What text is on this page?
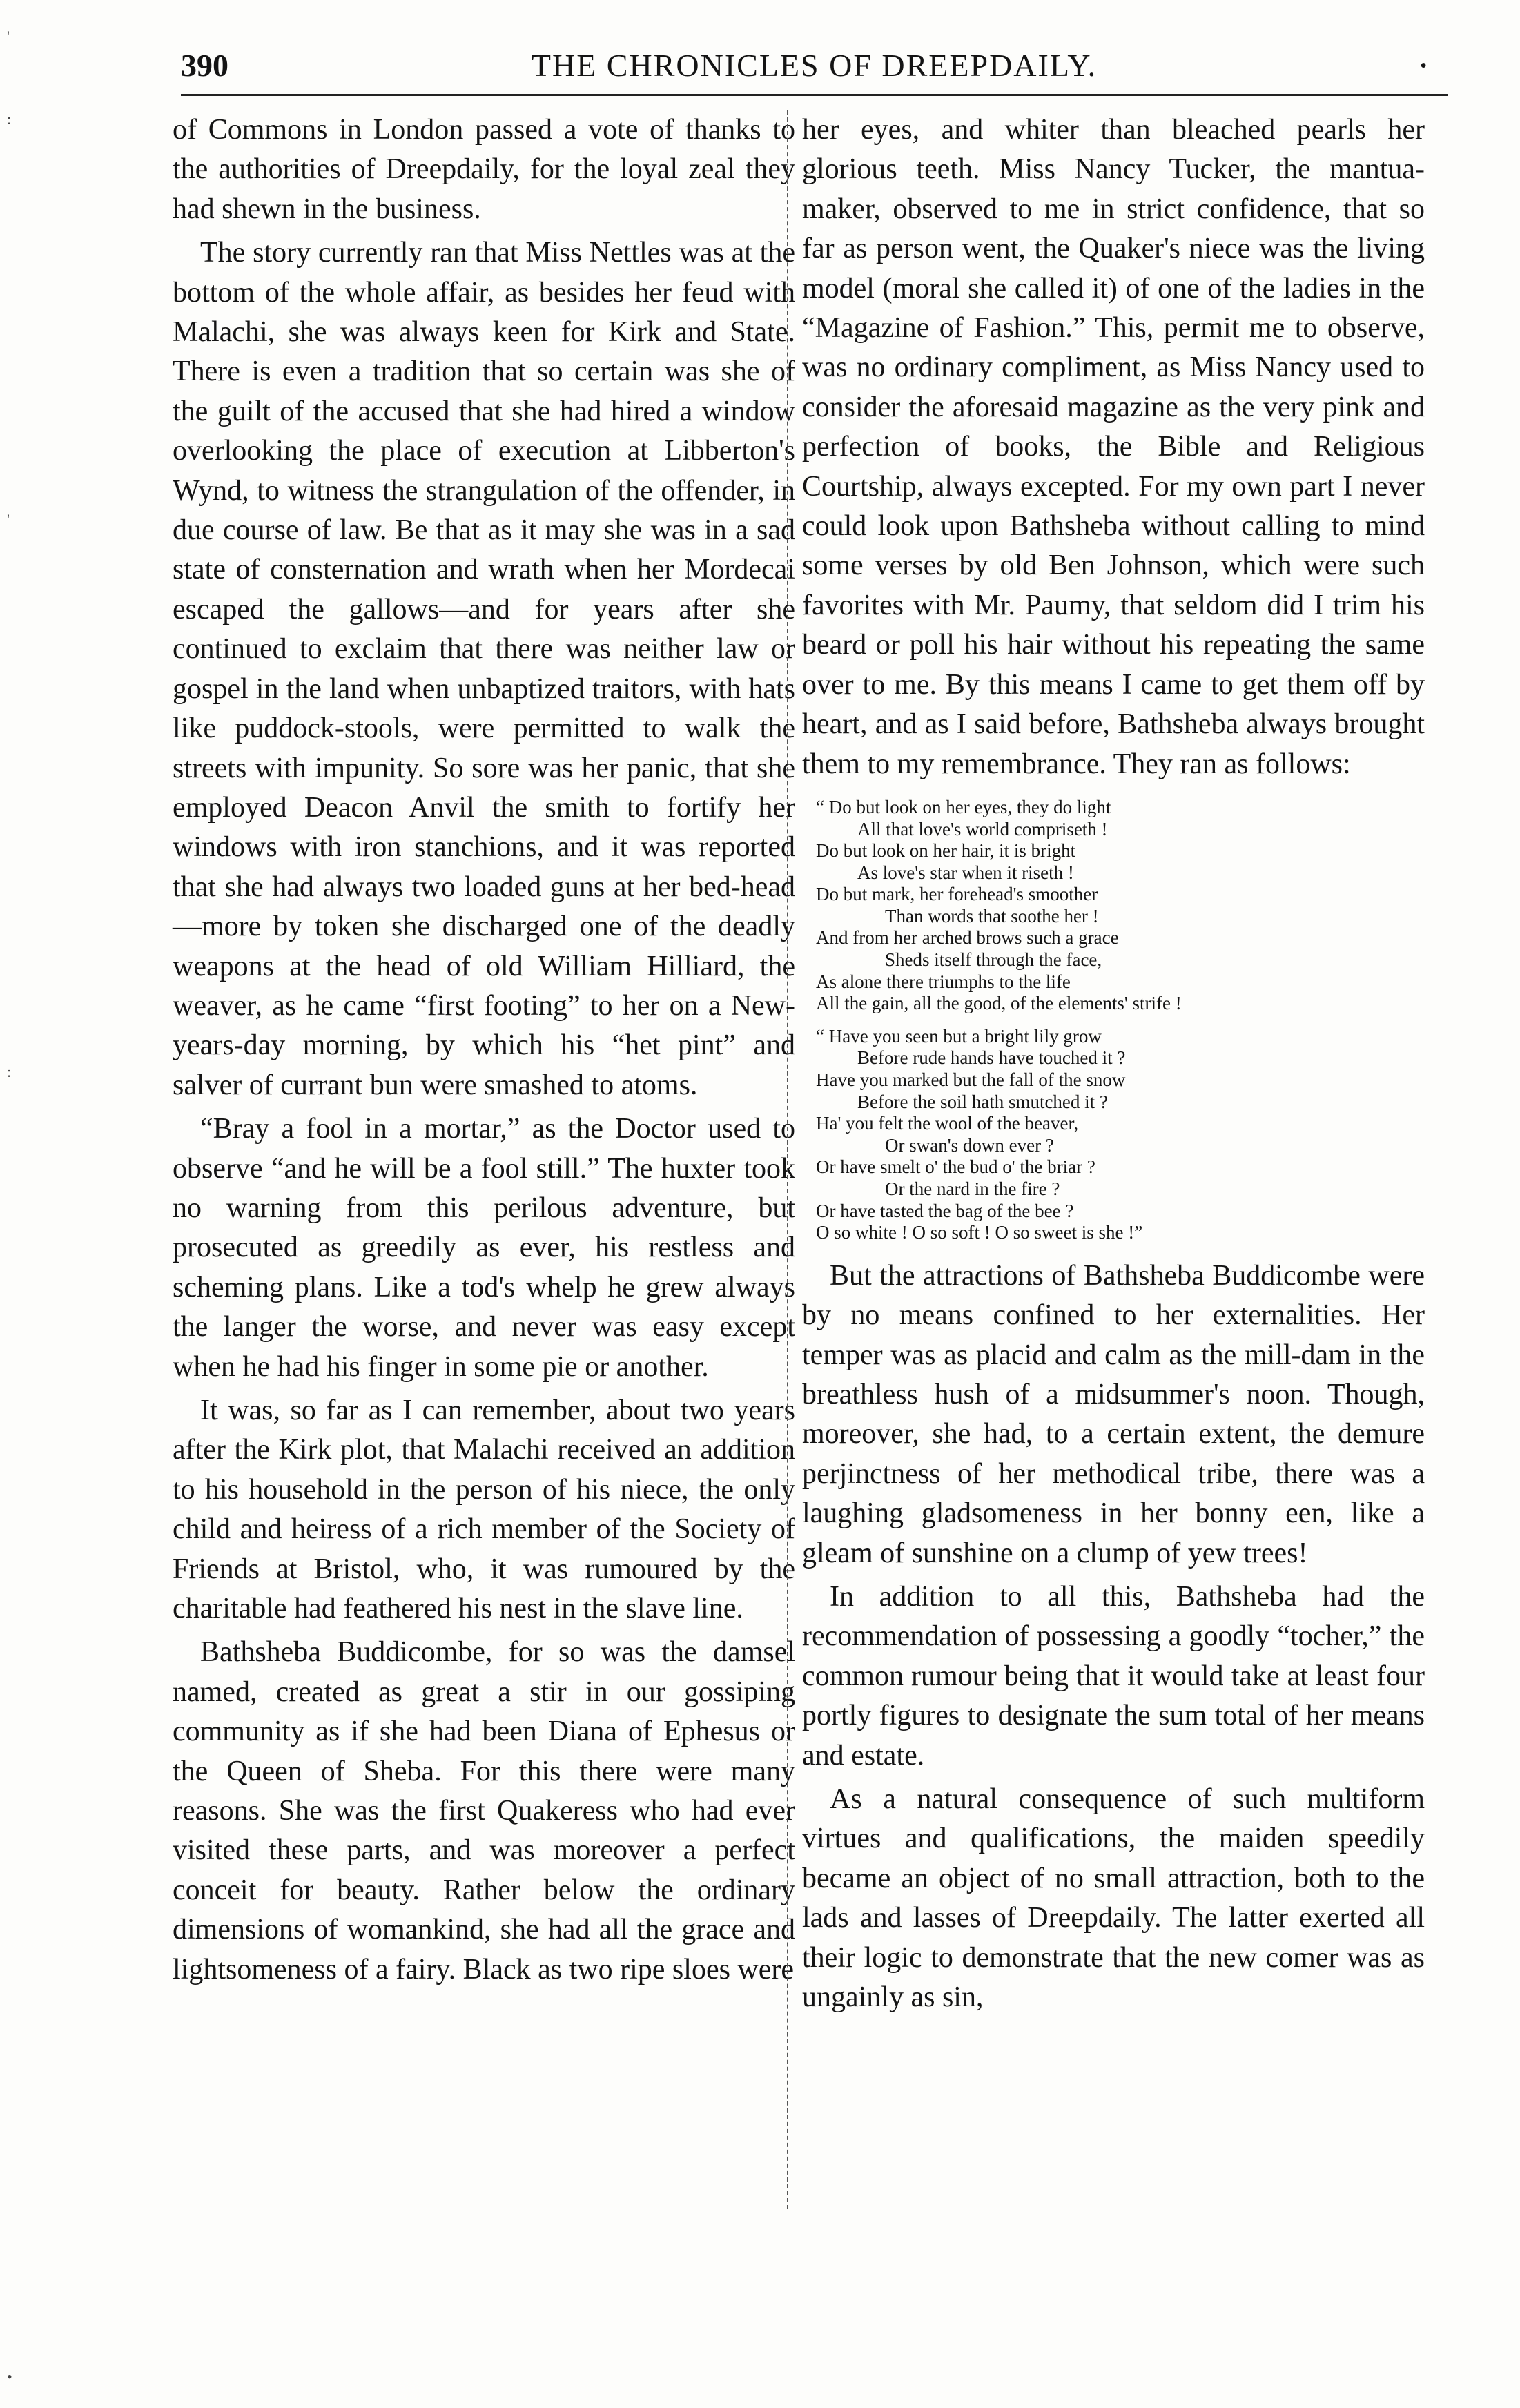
'
:
'
:
•
390	THE CHRONICLES OF DREEPDAILY.	•

of Commons in London passed a vote of thanks to the authorities of Dreepdaily, for the loyal zeal they had shewn in the business.

The story currently ran that Miss Nettles was at the bottom of the whole affair, as besides her feud with Malachi, she was always keen for Kirk and State. There is even a tradition that so certain was she of the guilt of the accused that she had hired a window overlooking the place of execution at Libberton's Wynd, to witness the strangulation of the offender, in due course of law. Be that as it may she was in a sad state of consternation and wrath when her Mordecai escaped the gallows—and for years after she continued to exclaim that there was neither law or gospel in the land when unbaptized traitors, with hats like puddock-stools, were permitted to walk the streets with impunity. So sore was her panic, that she employed Deacon Anvil the smith to fortify her windows with iron stanchions, and it was reported that she had always two loaded guns at her bed-head—more by token she discharged one of the deadly weapons at the head of old William Hilliard, the weaver, as he came “first footing” to her on a New-years-day morning, by which his “het pint” and salver of currant bun were smashed to atoms.

“Bray a fool in a mortar,” as the Doctor used to observe “and he will be a fool still.” The huxter took no warning from this perilous adventure, but prosecuted as greedily as ever, his restless and scheming plans. Like a tod's whelp he grew always the langer the worse, and never was easy except when he had his finger in some pie or another.

It was, so far as I can remember, about two years after the Kirk plot, that Malachi received an addition to his household in the person of his niece, the only child and heiress of a rich member of the Society of Friends at Bristol, who, it was rumoured by the charitable had feathered his nest in the slave line.

Bathsheba Buddicombe, for so was the damsel named, created as great a stir in our gossiping community as if she had been Diana of Ephesus or the Queen of Sheba. For this there were many reasons. She was the first Quakeress who had ever visited these parts, and was moreover a perfect conceit for beauty. Rather below the ordinary dimensions of womankind, she had all the grace and lightsomeness of a fairy. Black as two ripe sloes were

her eyes, and whiter than bleached pearls her glorious teeth. Miss Nancy Tucker, the mantua-maker, observed to me in strict confidence, that so far as person went, the Quaker's niece was the living model (moral she called it) of one of the ladies in the “Magazine of Fashion.” This, permit me to observe, was no ordinary compliment, as Miss Nancy used to consider the aforesaid magazine as the very pink and perfection of books, the Bible and Religious Courtship, always excepted. For my own part I never could look upon Bathsheba without calling to mind some verses by old Ben Johnson, which were such favorites with Mr. Paumy, that seldom did I trim his beard or poll his hair without his repeating the same over to me. By this means I came to get them off by heart, and as I said before, Bathsheba always brought them to my remembrance. They ran as follows:

“ Do but look on her eyes, they do light

All that love's world compriseth !

Do but look on her hair, it is bright

As love's star when it riseth !

Do but mark, her forehead's smoother

Than words that soothe her !

And from her arched brows such a grace

Sheds itself through the face,

As alone there triumphs to the life

All the gain, all the good, of the elements' strife !

“ Have you seen but a bright lily grow

Before rude hands have touched it ?

Have you marked but the fall of the snow

Before the soil hath smutched it ?

Ha' you felt the wool of the beaver,

Or swan's down ever ?

Or have smelt o' the bud o' the briar ?

Or the nard in the fire ?

Or have tasted the bag of the bee ?

O so white ! O so soft ! O so sweet is she !”

But the attractions of Bathsheba Buddicombe were by no means confined to her externalities. Her temper was as placid and calm as the mill-dam in the breathless hush of a midsummer's noon. Though, moreover, she had, to a certain extent, the demure perjinctness of her methodical tribe, there was a laughing gladsomeness in her bonny een, like a gleam of sunshine on a clump of yew trees!

In addition to all this, Bathsheba had the recommendation of possessing a goodly “tocher,” the common rumour being that it would take at least four portly figures to designate the sum total of her means and estate.

As a natural consequence of such multiform virtues and qualifications, the maiden speedily became an object of no small attraction, both to the lads and lasses of Dreepdaily. The latter exerted all their logic to demonstrate that the new comer was as ungainly as sin,
